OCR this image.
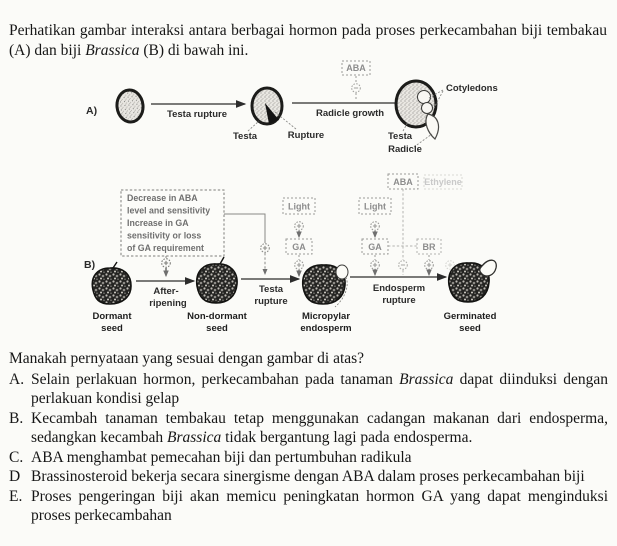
Perhatikan gambar interaksi antara berbagai hormon pada proses perkecambahan biji tembakau (A) dan biji Brassica (B) di bawah ini.

A)	Testa rupture
Testa	Rupture
ABA
Radicle growth
Cotyledons
Testa
Radicle
B)
Decrease in ABA
level and sensitivity
Increase in GA
sensitivity or loss
of GA requirement
Light
GA
ABA Ethylene
Light
GA	BR
After-
ripening
Testa
rupture
Endosperm
rupture
Dormant
seed
Non-dormant
seed
Micropylar
endosperm
Germinated
seed

Manakah pernyataan yang sesuai dengan gambar di atas?

A. Selain perlakuan hormon, perkecambahan pada tanaman Brassica dapat diinduksi dengan perlakuan kondisi gelap
B. Kecambah tanaman tembakau tetap menggunakan cadangan makanan dari endosperma, sedangkan kecambah Brassica tidak bergantung lagi pada endosperma.
C. ABA menghambat pemecahan biji dan pertumbuhan radikula
D Brassinosteroid bekerja secara sinergisme dengan ABA dalam proses perkecambahan biji
E. Proses pengeringan biji akan memicu peningkatan hormon GA yang dapat menginduksi proses perkecambahan
